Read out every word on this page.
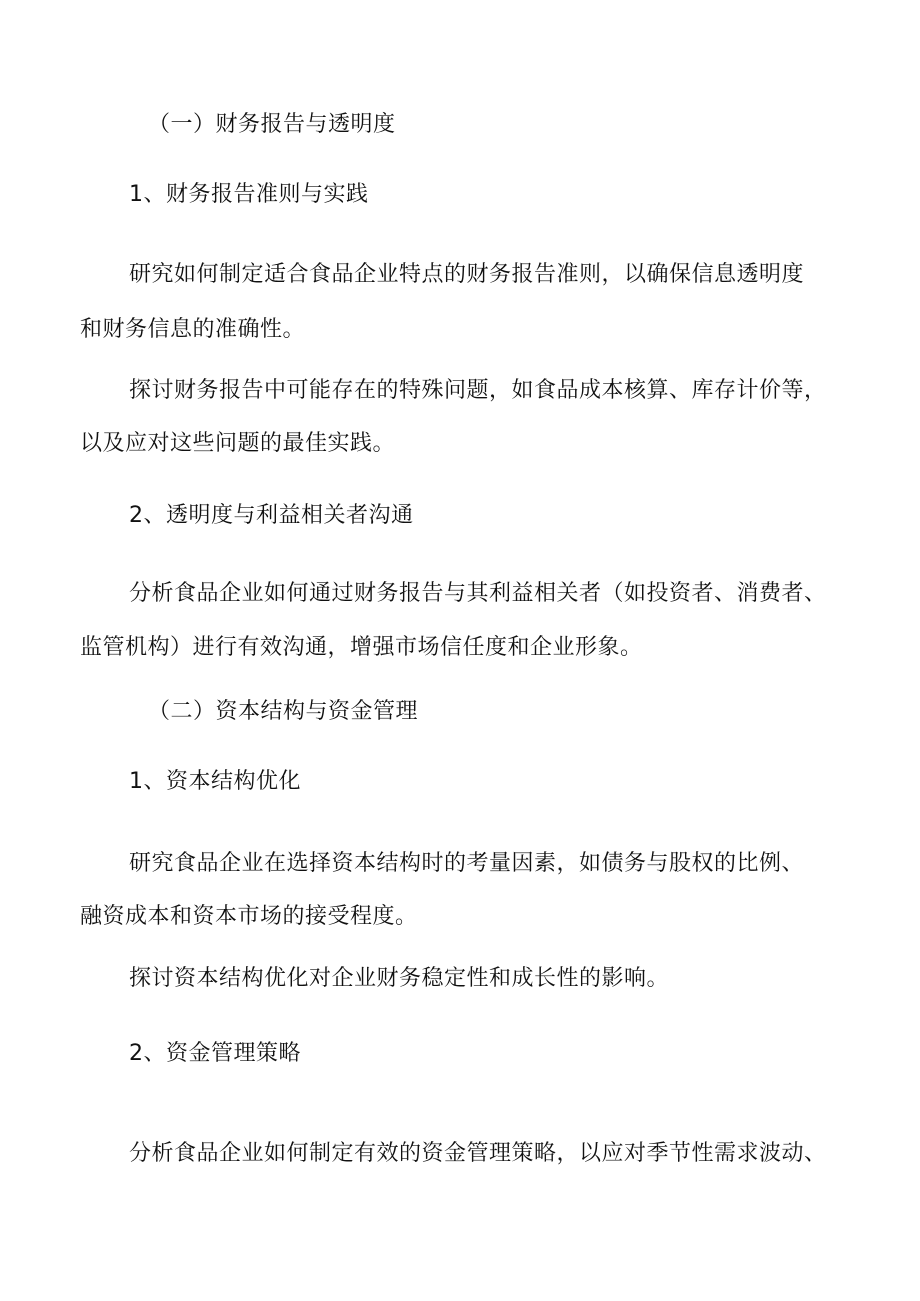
（一）财务报告与透明度
1、财务报告准则与实践
研究如何制定适合食品企业特点的财务报告准则，以确保信息透明度
和财务信息的准确性。
探讨财务报告中可能存在的特殊问题，如食品成本核算、库存计价等，
以及应对这些问题的最佳实践。
2、透明度与利益相关者沟通
分析食品企业如何通过财务报告与其利益相关者（如投资者、消费者、
监管机构）进行有效沟通，增强市场信任度和企业形象。
（二）资本结构与资金管理
1、资本结构优化
研究食品企业在选择资本结构时的考量因素，如债务与股权的比例、
融资成本和资本市场的接受程度。
探讨资本结构优化对企业财务稳定性和成长性的影响。
2、资金管理策略
分析食品企业如何制定有效的资金管理策略，以应对季节性需求波动、
